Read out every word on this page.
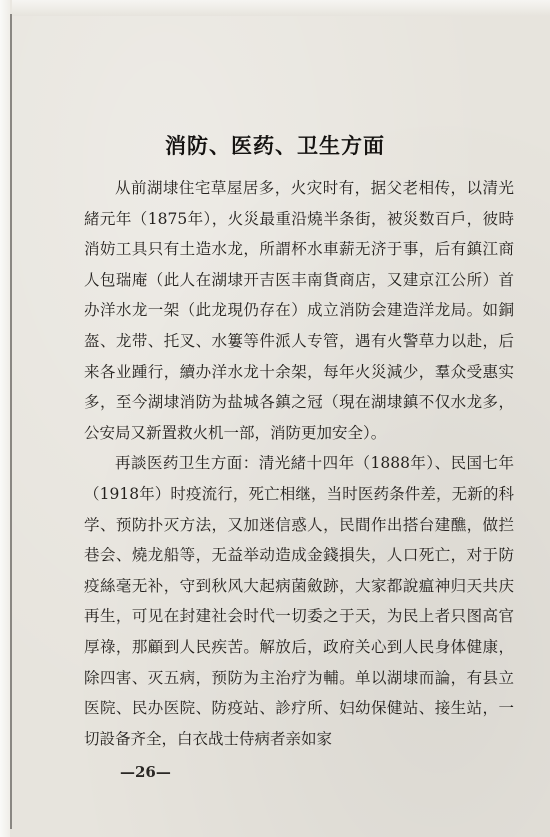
消防、医药、卫生方面

从前湖埭住宅草屋居多，火灾时有，据父老相传，以清光緒元年（1875年），火災最重沿燒半条街，被災数百戶，彼時消妨工具只有土造水龙，所謂杯水車薪无济于事，后有鎮江商人包瑞庵（此人在湖埭开吉医丰南貨商店，又建京江公所）首办洋水龙一架（此龙現仍存在）成立消防会建造洋龙局。如銅盔、龙带、托叉、水簍等件派人专管，遇有火警草力以赴，后来各业踵行，續办洋水龙十余架，每年火災減少，羣众受惠实多，至今湖埭消防为盐城各鎮之冠（現在湖埭鎮不仅水龙多，公安局又新置救火机一部，消防更加安全）。

再談医药卫生方面：清光緒十四年（1888年）、民国七年（1918年）时疫流行，死亡相继，当时医药条件差，无新的科学、预防扑灭方法，又加迷信惑人，民間作出搭台建醮，做拦巷会、燒龙船等，无益举动造成金錢損失，人口死亡，对于防疫絲毫无补，守到秋风大起病菌斂跡，大家都說瘟神归天共庆再生，可见在封建社会时代一切委之于天，为民上者只图高官厚祿，那顧到人民疾苦。解放后，政府关心到人民身体健康，除四害、灭五病，预防为主治疗为輔。单以湖埭而論，有县立医院、民办医院、防疫站、診疗所、妇幼保健站、接生站，一切設备齐全，白衣战士侍病者亲如家

—26—
